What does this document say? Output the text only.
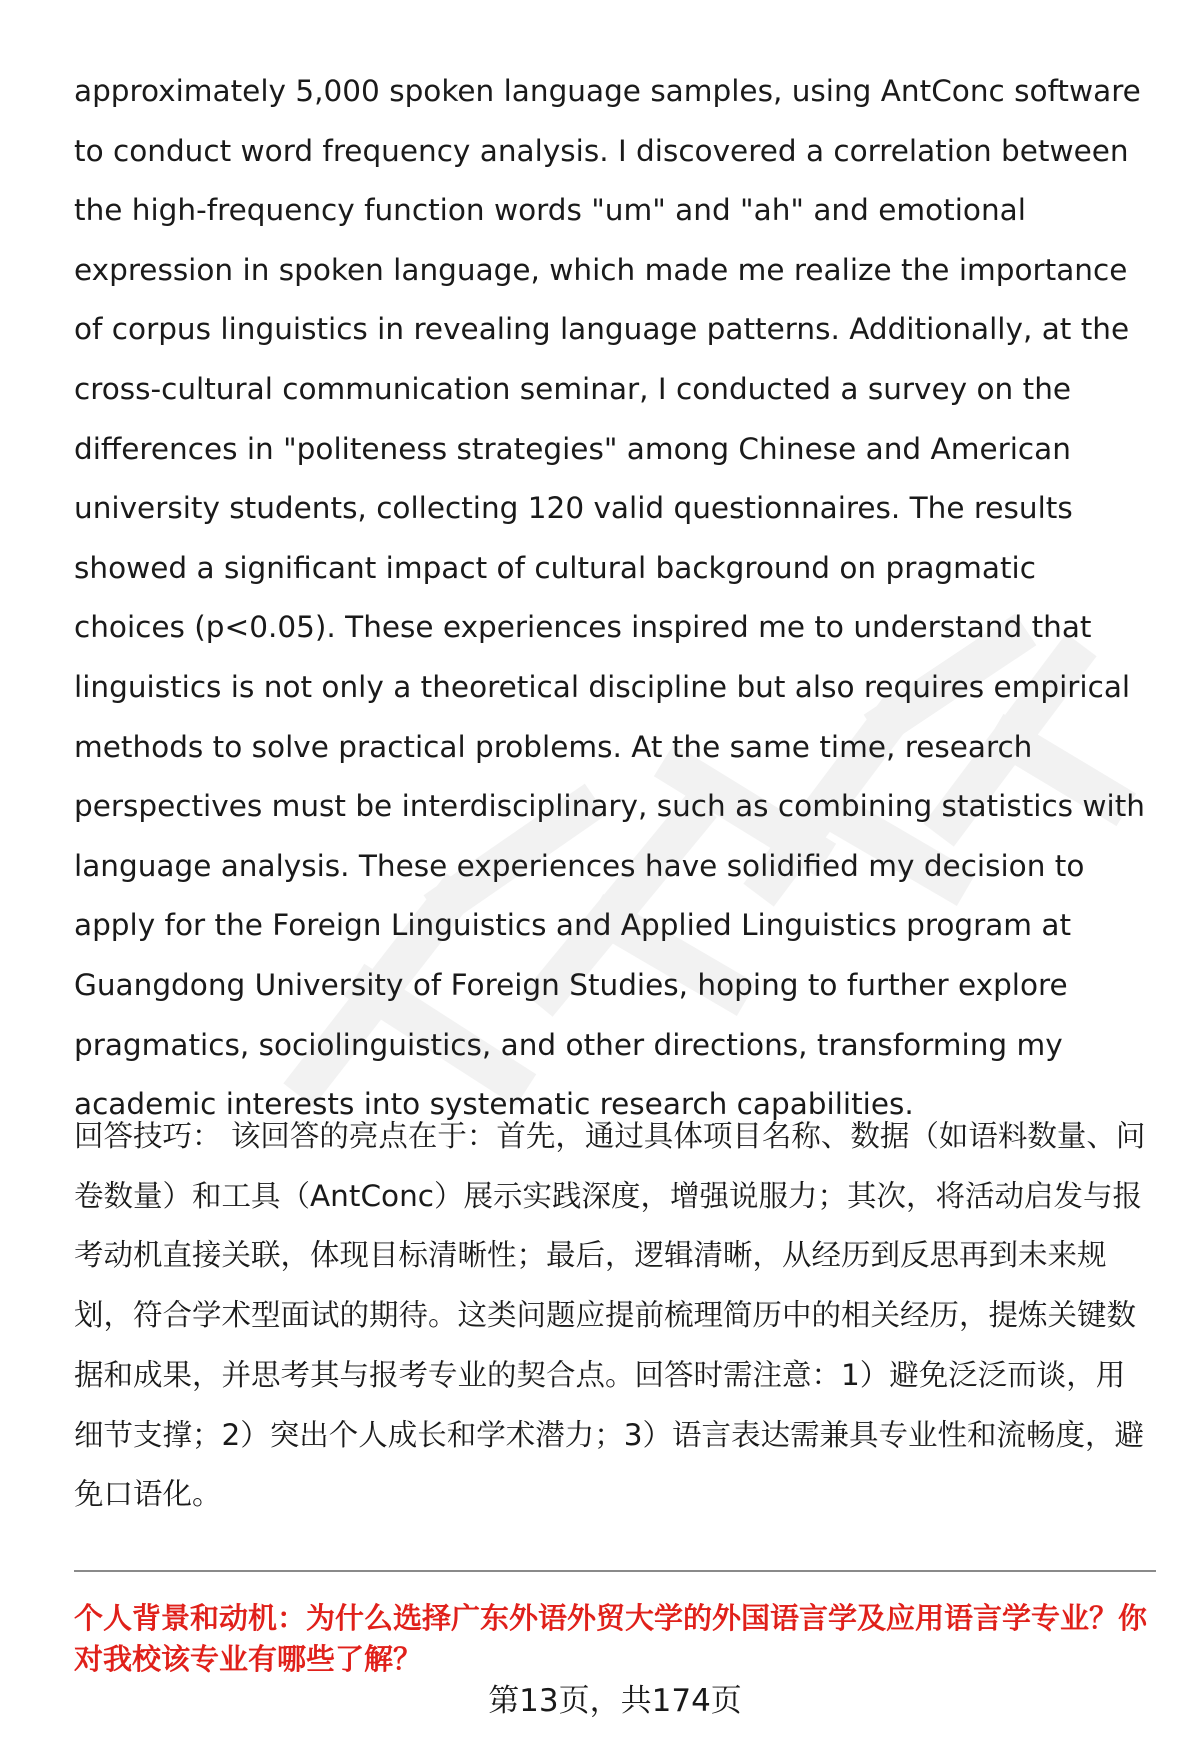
approximately 5,000 spoken language samples, using AntConc software to conduct word frequency analysis. I discovered a correlation between the high-frequency function words "um" and "ah" and emotional expression in spoken language, which made me realize the importance of corpus linguistics in revealing language patterns. Additionally, at the cross-cultural communication seminar, I conducted a survey on the differences in "politeness strategies" among Chinese and American university students, collecting 120 valid questionnaires. The results showed a significant impact of cultural background on pragmatic choices (p<0.05). These experiences inspired me to understand that linguistics is not only a theoretical discipline but also requires empirical methods to solve practical problems. At the same time, research perspectives must be interdisciplinary, such as combining statistics with language analysis. These experiences have solidified my decision to apply for the Foreign Linguistics and Applied Linguistics program at Guangdong University of Foreign Studies, hoping to further explore pragmatics, sociolinguistics, and other directions, transforming my academic interests into systematic research capabilities.

回答技巧： 该回答的亮点在于：首先，通过具体项目名称、数据（如语料数量、问卷数量）和工具（AntConc）展示实践深度，增强说服力；其次，将活动启发与报考动机直接关联，体现目标清晰性；最后，逻辑清晰，从经历到反思再到未来规划，符合学术型面试的期待。这类问题应提前梳理简历中的相关经历，提炼关键数据和成果，并思考其与报考专业的契合点。回答时需注意：1）避免泛泛而谈，用细节支撑；2）突出个人成长和学术潜力；3）语言表达需兼具专业性和流畅度，避免口语化。

个人背景和动机：为什么选择广东外语外贸大学的外国语言学及应用语言学专业？你对我校该专业有哪些了解？
第13页，共174页
